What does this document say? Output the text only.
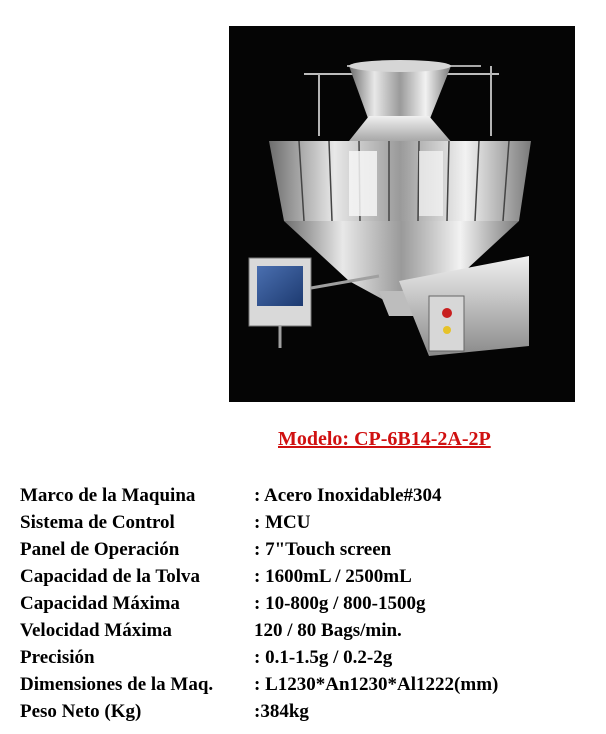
Modelo: CP-6B14-2A-2P
Marco de la Maquina	: Acero Inoxidable#304
Sistema de Control	: MCU
Panel de Operación	: 7"Touch screen
Capacidad de la Tolva	: 1600mL / 2500mL
Capacidad Máxima	: 10-800g / 800-1500g
Velocidad Máxima	120 / 80 Bags/min.
Precisión	: 0.1-1.5g / 0.2-2g
Dimensiones de la Maq. : L1230*An1230*Al1222(mm)
Peso Neto (Kg)	:384kg
